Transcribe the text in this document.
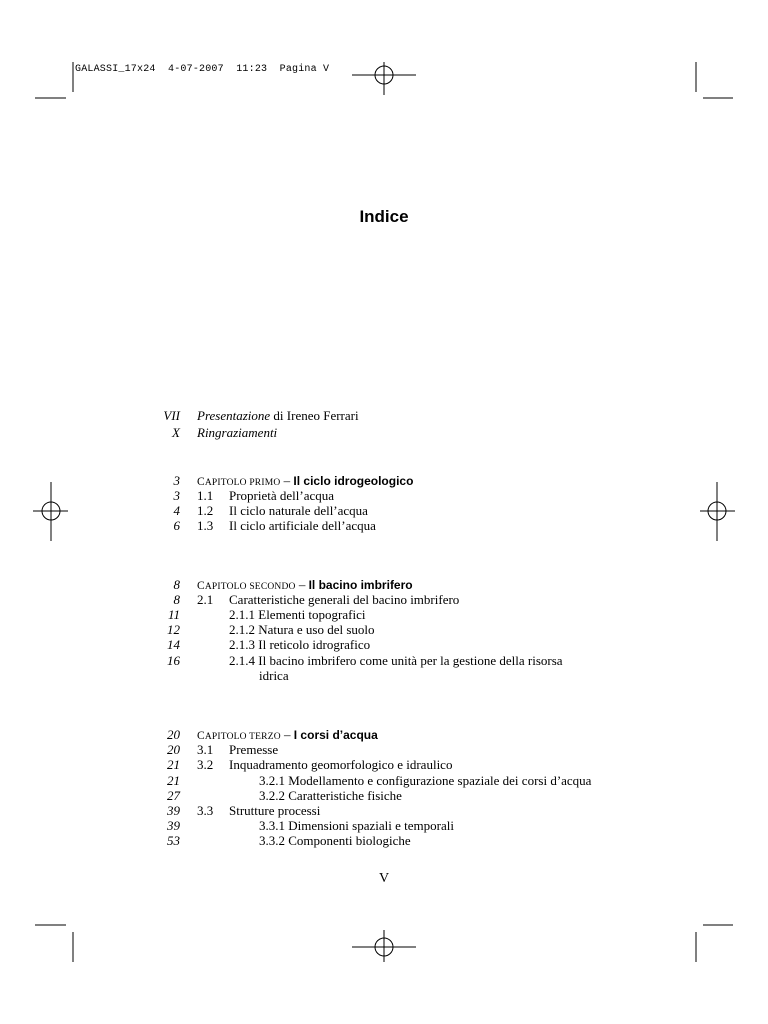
GALASSI_17x24  4-07-2007  11:23  Pagina V
Indice
VII Presentazione di Ireneo Ferrari
X Ringraziamenti
3 CAPITOLO PRIMO – Il ciclo idrogeologico
3 1.1 Proprietà dell’acqua
4 1.2 Il ciclo naturale dell’acqua
6 1.3 Il ciclo artificiale dell’acqua
8 CAPITOLO SECONDO – Il bacino imbrifero
8 2.1 Caratteristiche generali del bacino imbrifero
11	2.1.1 Elementi topografici
12	2.1.2 Natura e uso del suolo
14	2.1.3 Il reticolo idrografico
16	2.1.4 Il bacino imbrifero come unità per la gestione della risorsa
idrica
20 CAPITOLO TERZO – I corsi d’acqua
20 3.1 Premesse
21 3.2 Inquadramento geomorfologico e idraulico
21	3.2.1 Modellamento e configurazione spaziale dei corsi d’acqua
27	3.2.2 Caratteristiche fisiche
39 3.3 Strutture processi
39	3.3.1 Dimensioni spaziali e temporali
53	3.3.2 Componenti biologiche
V
